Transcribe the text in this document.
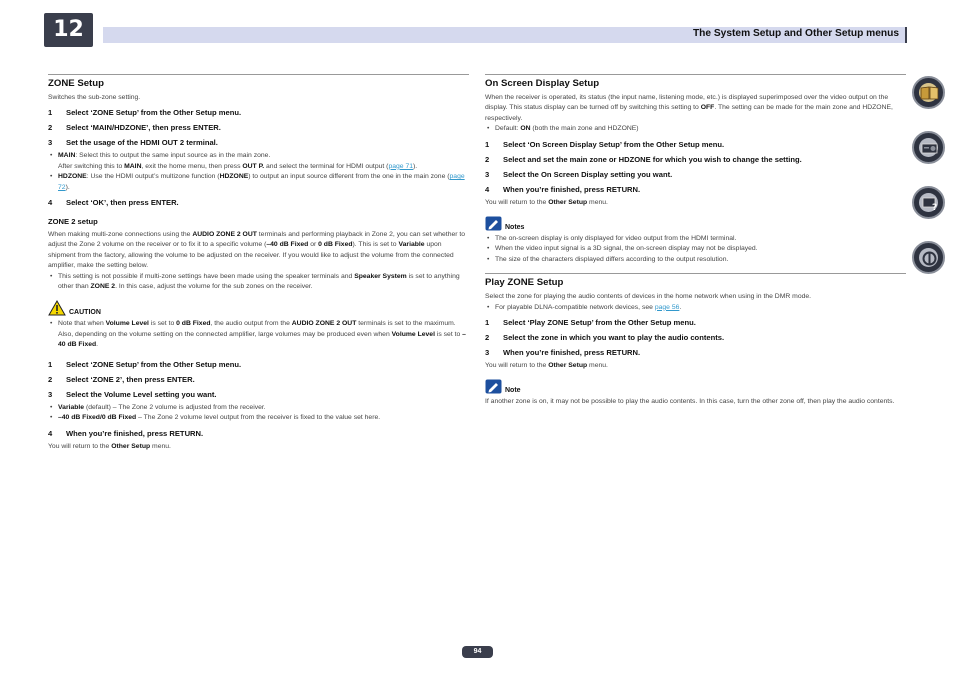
12	The System Setup and Other Setup menus
ZONE Setup
Switches the sub-zone setting.
1	Select ‘ZONE Setup’ from the Other Setup menu.
2	Select ‘MAIN/HDZONE’, then press ENTER.
3	Set the usage of the HDMI OUT 2 terminal.
• MAIN: Select this to output the same input source as in the main zone.
After switching this to MAIN, exit the home menu, then press OUT P. and select the terminal for HDMI output (page 71).
• HDZONE: Use the HDMI output’s multizone function (HDZONE) to output an input source different from the one in the main zone (page 72).
4	Select ‘OK’, then press ENTER.
ZONE 2 setup
When making multi-zone connections using the AUDIO ZONE 2 OUT terminals and performing playback in Zone 2, you can set whether to adjust the Zone 2 volume on the receiver or to fix it to a specific volume (–40 dB Fixed or 0 dB Fixed). This is set to Variable upon shipment from the factory, allowing the volume to be adjusted on the receiver. If you would like to adjust the volume from the connected amplifier, make the setting below.
• This setting is not possible if multi-zone settings have been made using the speaker terminals and Speaker System is set to anything other than ZONE 2. In this case, adjust the volume for the sub zones on the receiver.
CAUTION
• Note that when Volume Level is set to 0 dB Fixed, the audio output from the AUDIO ZONE 2 OUT terminals is set to the maximum. Also, depending on the volume setting on the connected amplifier, large volumes may be produced even when Volume Level is set to –40 dB Fixed.
1	Select ‘ZONE Setup’ from the Other Setup menu.
2	Select ‘ZONE 2’, then press ENTER.
3	Select the Volume Level setting you want.
• Variable (default) – The Zone 2 volume is adjusted from the receiver.
• –40 dB Fixed/0 dB Fixed – The Zone 2 volume level output from the receiver is fixed to the value set here.
4	When you’re finished, press RETURN.
You will return to the Other Setup menu.
On Screen Display Setup
When the receiver is operated, its status (the input name, listening mode, etc.) is displayed superimposed over the video output on the display. This status display can be turned off by switching this setting to OFF. The setting can be made for the main zone and HDZONE, respectively.
• Default: ON (both the main zone and HDZONE)
1	Select ‘On Screen Display Setup’ from the Other Setup menu.
2	Select and set the main zone or HDZONE for which you wish to change the setting.
3	Select the On Screen Display setting you want.
4	When you’re finished, press RETURN.
You will return to the Other Setup menu.
Notes
• The on-screen display is only displayed for video output from the HDMI terminal.
• When the video input signal is a 3D signal, the on-screen display may not be displayed.
• The size of the characters displayed differs according to the output resolution.
Play ZONE Setup
Select the zone for playing the audio contents of devices in the home network when using in the DMR mode.
• For playable DLNA-compatible network devices, see page 56.
1	Select ‘Play ZONE Setup’ from the Other Setup menu.
2	Select the zone in which you want to play the audio contents.
3	When you’re finished, press RETURN.
You will return to the Other Setup menu.
Note
If another zone is on, it may not be possible to play the audio contents. In this case, turn the other zone off, then play the audio contents.
?
94
